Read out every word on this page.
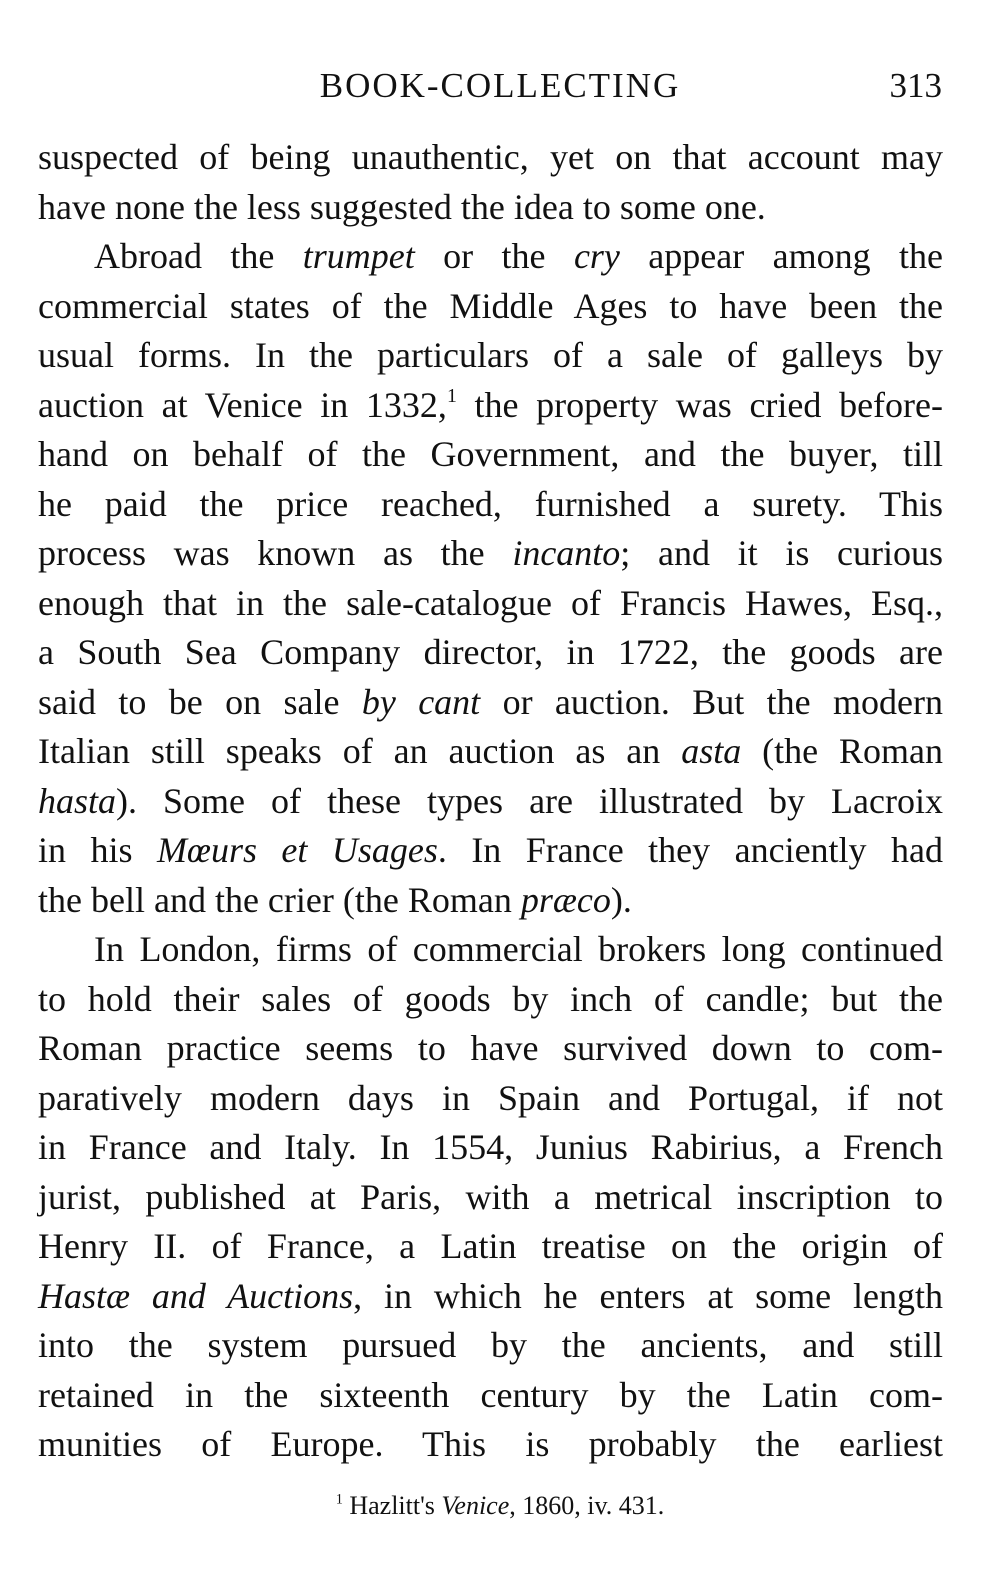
BOOK-COLLECTING	313
suspected of being unauthentic, yet on that account may
have none the less suggested the idea to some one.
Abroad the trumpet or the cry appear among the
commercial states of the Middle Ages to have been the
usual forms. In the particulars of a sale of galleys by
auction at Venice in 1332,$^1$ the property was cried before-
hand on behalf of the Government, and the buyer, till
he paid the price reached, furnished a surety. This
process was known as the incanto; and it is curious
enough that in the sale-catalogue of Francis Hawes, Esq.,
a South Sea Company director, in 1722, the goods are
said to be on sale by cant or auction. But the modern
Italian still speaks of an auction as an asta (the Roman
hasta). Some of these types are illustrated by Lacroix
in his Mœurs et Usages. In France they anciently had
the bell and the crier (the Roman præco).
In London, firms of commercial brokers long continued
to hold their sales of goods by inch of candle; but the
Roman practice seems to have survived down to com-
paratively modern days in Spain and Portugal, if not
in France and Italy. In 1554, Junius Rabirius, a French
jurist, published at Paris, with a metrical inscription to
Henry II. of France, a Latin treatise on the origin of
Hastæ and Auctions, in which he enters at some length
into the system pursued by the ancients, and still
retained in the sixteenth century by the Latin com-
munities of Europe. This is probably the earliest
$^1$ Hazlitt's Venice, 1860, iv. 431.
